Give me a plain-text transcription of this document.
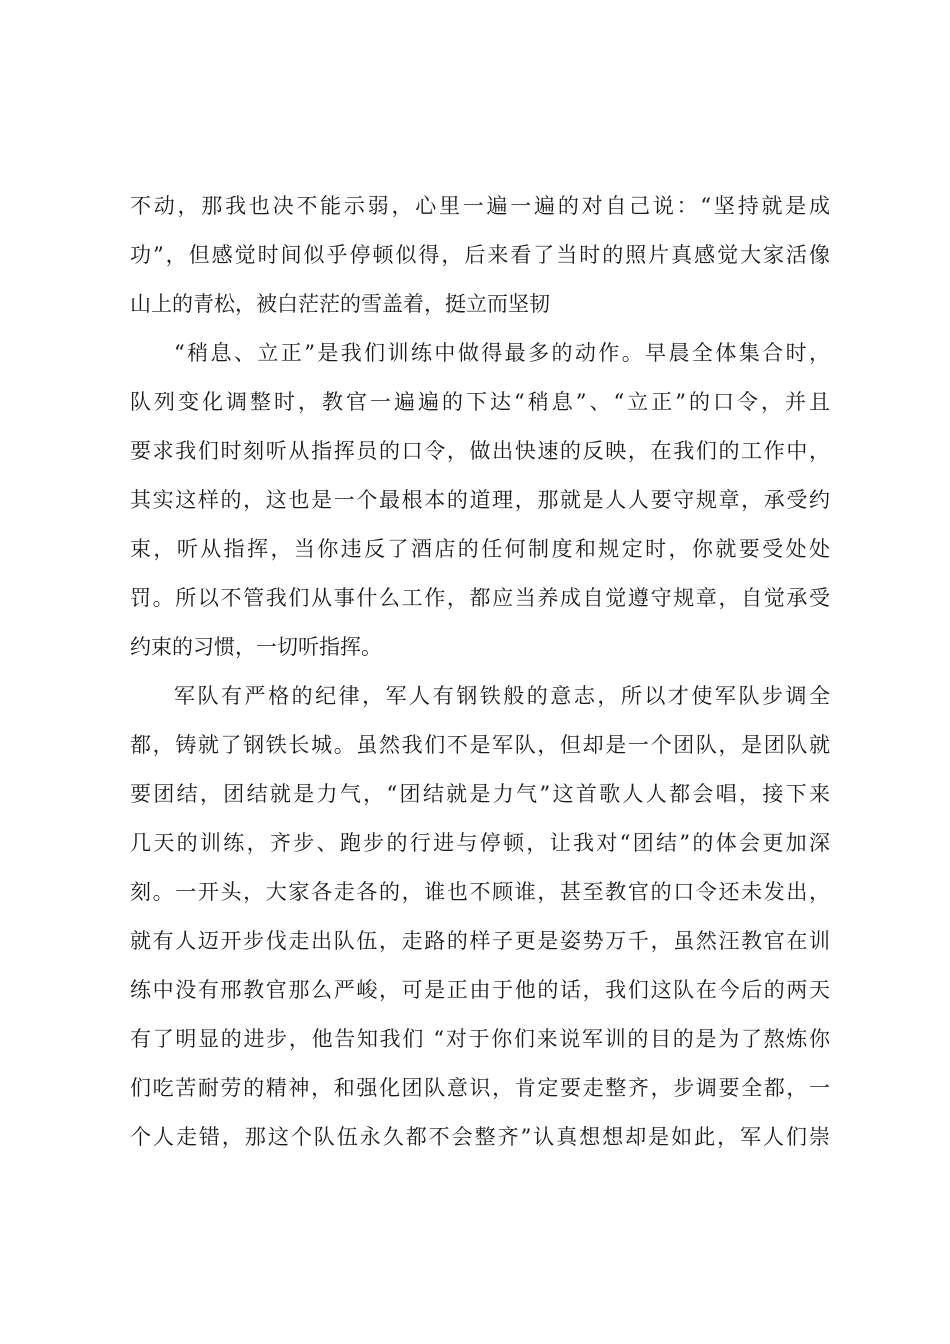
不动，那我也决不能示弱，心里一遍一遍的对自己说：“坚持就是成
功”，但感觉时间似乎停顿似得，后来看了当时的照片真感觉大家活像
山上的青松，被白茫茫的雪盖着，挺立而坚韧
“稍息、立正”是我们训练中做得最多的动作。早晨全体集合时，
队列变化调整时，教官一遍遍的下达“稍息”、“立正”的口令，并且
要求我们时刻听从指挥员的口令，做出快速的反映，在我们的工作中，
其实这样的，这也是一个最根本的道理，那就是人人要守规章，承受约
束，听从指挥，当你违反了酒店的任何制度和规定时，你就要受处处
罚。所以不管我们从事什么工作，都应当养成自觉遵守规章，自觉承受
约束的习惯，一切听指挥。
军队有严格的纪律，军人有钢铁般的意志，所以才使军队步调全
都，铸就了钢铁长城。虽然我们不是军队，但却是一个团队，是团队就
要团结，团结就是力气，“团结就是力气”这首歌人人都会唱，接下来
几天的训练，齐步、跑步的行进与停顿，让我对“团结”的体会更加深
刻。一开头，大家各走各的，谁也不顾谁，甚至教官的口令还未发出，
就有人迈开步伐走出队伍，走路的样子更是姿势万千，虽然汪教官在训
练中没有邢教官那么严峻，可是正由于他的话，我们这队在今后的两天
有了明显的进步，他告知我们 “对于你们来说军训的目的是为了熬炼你
们吃苦耐劳的精神，和强化团队意识，肯定要走整齐，步调要全都，一
个人走错，那这个队伍永久都不会整齐”认真想想却是如此，军人们崇
